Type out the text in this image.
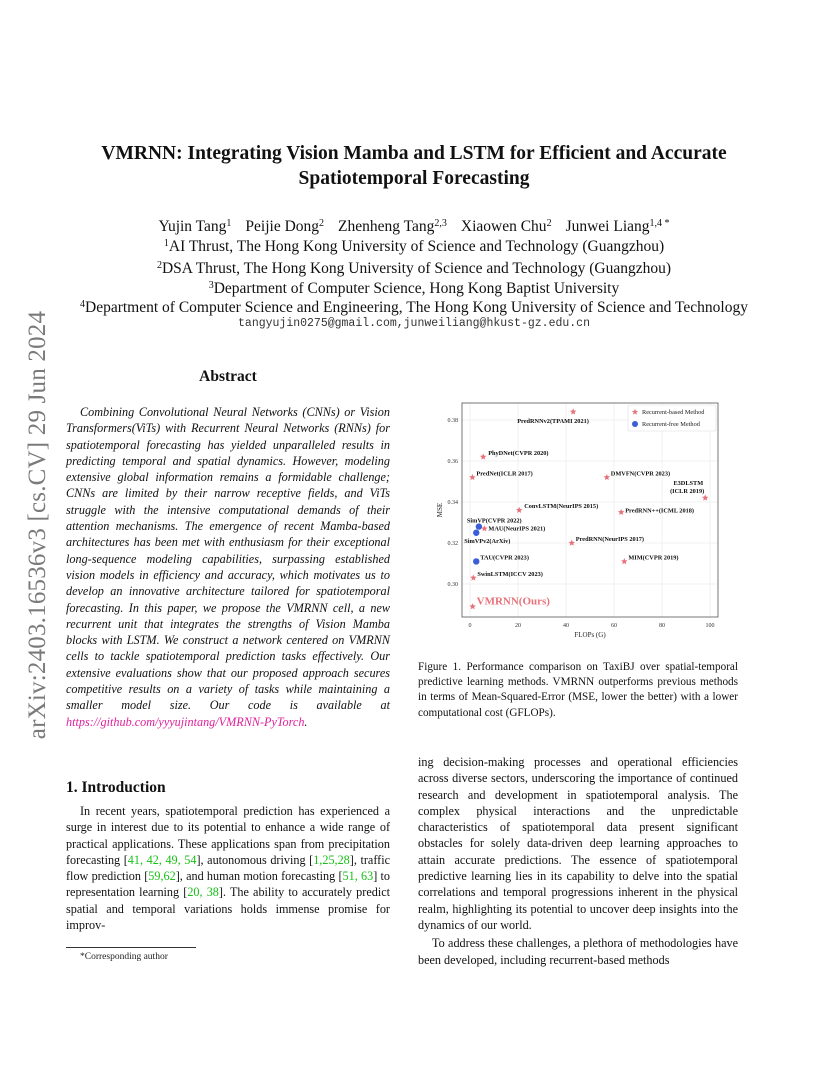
arXiv:2403.16536v3 [cs.CV] 29 Jun 2024
VMRNN: Integrating Vision Mamba and LSTM for Efficient and Accurate
Spatiotemporal Forecasting
Yujin Tang$^1$ Peijie Dong$^2$ Zhenheng Tang$^{2,3}$ Xiaowen Chu$^2$ Junwei Liang$^{1,4 *}$
$^1$AI Thrust, The Hong Kong University of Science and Technology (Guangzhou)
$^2$DSA Thrust, The Hong Kong University of Science and Technology (Guangzhou)
$^3$Department of Computer Science, Hong Kong Baptist University
$^4$Department of Computer Science and Engineering, The Hong Kong University of Science and Technology
tangyujin0275@gmail.com,junweiliang@hkust-gz.edu.cn
Abstract
Combining Convolutional Neural Networks (CNNs) or Vision Transformers(ViTs) with Recurrent Neural Networks (RNNs) for spatiotemporal forecasting has yielded unparalleled results in predicting temporal and spatial dynamics. However, modeling extensive global information remains a formidable challenge; CNNs are limited by their narrow receptive fields, and ViTs struggle with the intensive computational demands of their attention mechanisms. The emergence of recent Mamba-based architectures has been met with enthusiasm for their exceptional long-sequence modeling capabilities, surpassing established vision models in efficiency and accuracy, which motivates us to develop an innovative architecture tailored for spatiotemporal forecasting. In this paper, we propose the VMRNN cell, a new recurrent unit that integrates the strengths of Vision Mamba blocks with LSTM. We construct a network centered on VMRNN cells to tackle spatiotemporal prediction tasks effectively. Our extensive evaluations show that our proposed approach secures competitive results on a variety of tasks while maintaining a smaller model size. Our code is available at https://github.com/yyyujintang/VMRNN-PyTorch.
1. Introduction
In recent years, spatiotemporal prediction has experienced a surge in interest due to its potential to enhance a wide range of practical applications. These applications span from precipitation forecasting [41, 42, 49, 54], autonomous driving [1,25,28], traffic flow prediction [59,62], and human motion forecasting [51, 63] to representation learning [20, 38]. The ability to accurately predict spatial and temporal variations holds immense promise for improv-
*Corresponding author
0	20	40	60	80	100
0.30
0.32
0.34
0.36
0.38
FLOPs (G)
MSE
PredRNNv2(TPAMI 2021)
PhyDNet(CVPR 2020)
PredNet(ICLR 2017)	DMVFN(CVPR 2023)
E3DLSTM
(ICLR 2019)
ConvLSTM(NeurIPS 2015)
PredRNN++(ICML 2018)
MAU(NeurIPS 2021)
PredRNN(NeurIPS 2017)
MIM(CVPR 2019)
SwinLSTM(ICCV 2023)
SimVP(CVPR 2022)
SimVPv2(ArXiv)
TAU(CVPR 2023)
VMRNN(Ours)
Recurrent-based Method
Recurrent-free Method
Figure 1. Performance comparison on TaxiBJ over spatial-temporal predictive learning methods. VMRNN outperforms previous methods in terms of Mean-Squared-Error (MSE, lower the better) with a lower computational cost (GFLOPs).

ing decision-making processes and operational efficiencies across diverse sectors, underscoring the importance of continued research and development in spatiotemporal analysis. The complex physical interactions and the unpredictable characteristics of spatiotemporal data present significant obstacles for solely data-driven deep learning approaches to attain accurate predictions. The essence of spatiotemporal predictive learning lies in its capability to delve into the spatial correlations and temporal progressions inherent in the physical realm, highlighting its potential to uncover deep insights into the dynamics of our world.

To address these challenges, a plethora of methodologies have been developed, including recurrent-based methods
